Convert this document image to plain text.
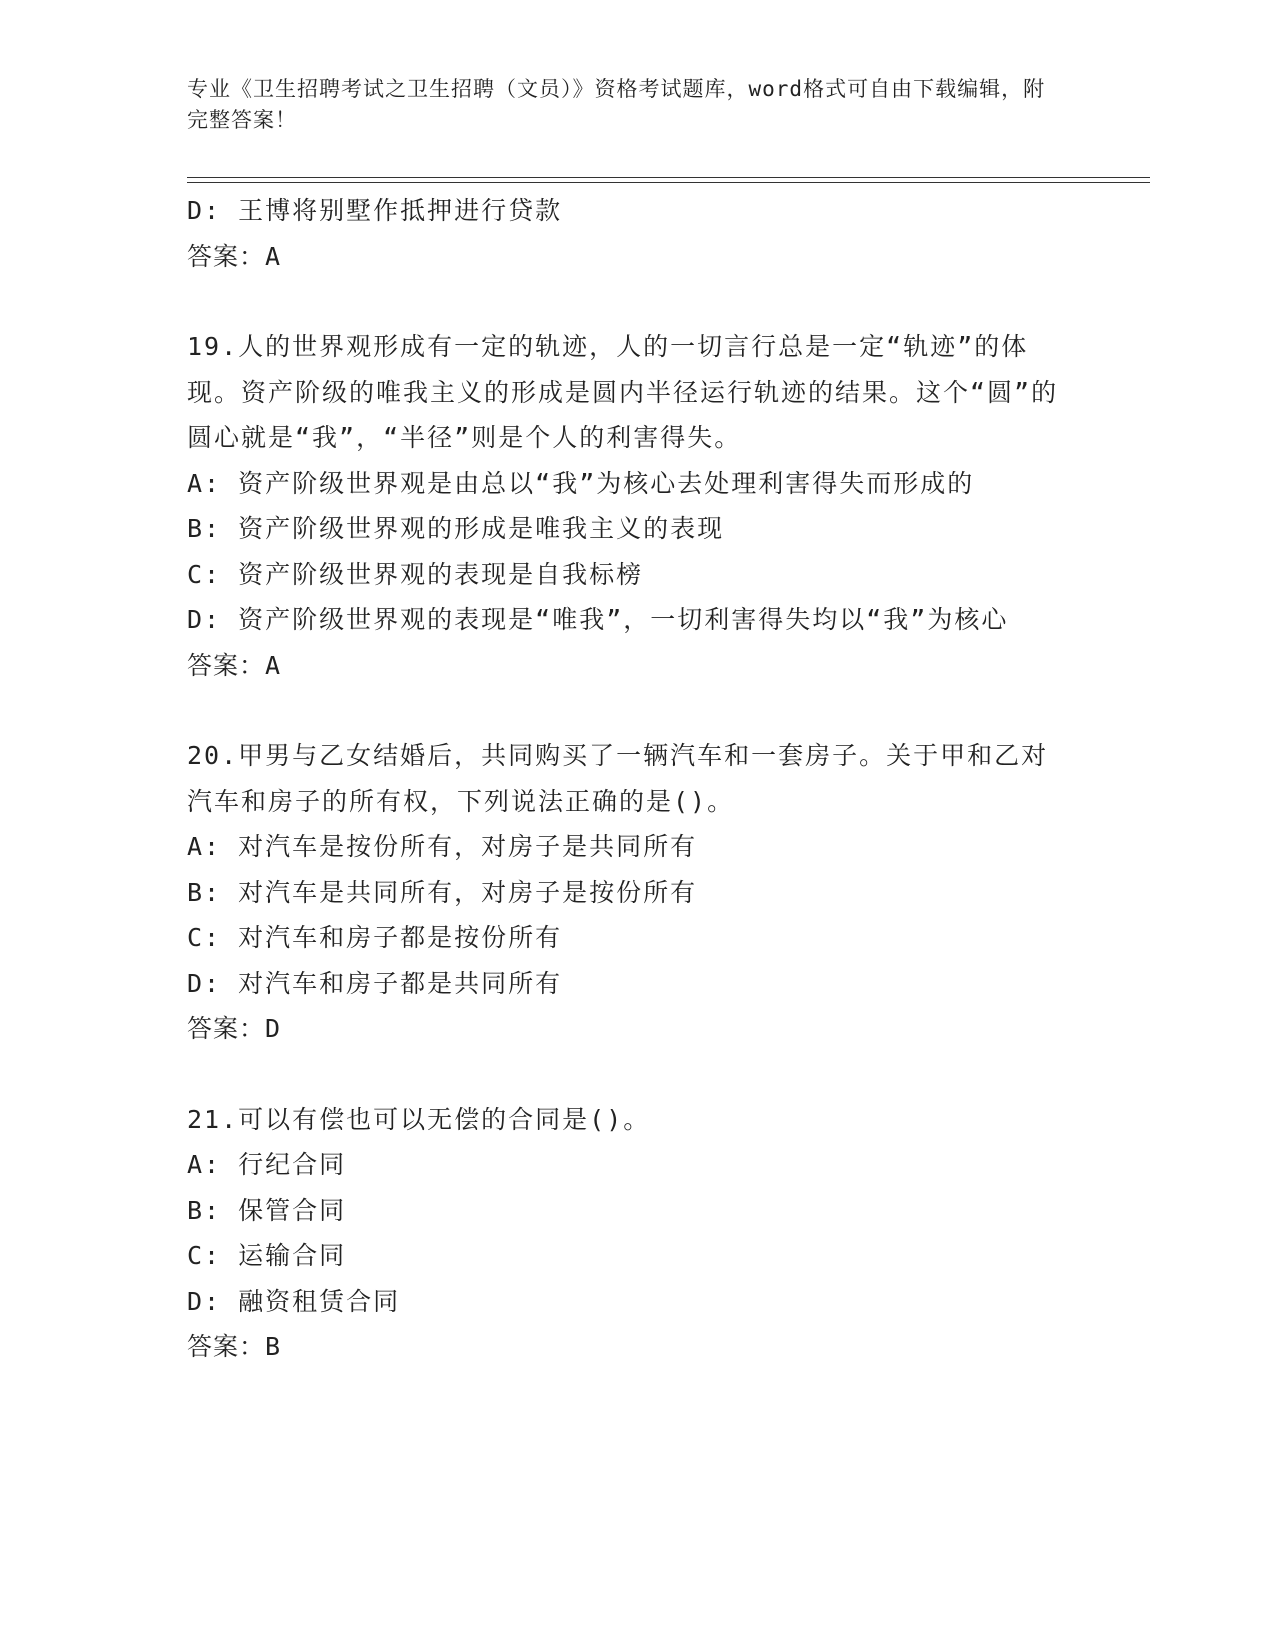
专业《卫生招聘考试之卫生招聘（文员）》资格考试题库，word格式可自由下载编辑，附完整答案！
D: 王博将别墅作抵押进行贷款
答案：A
19.人的世界观形成有一定的轨迹，人的一切言行总是一定“轨迹”的体现。资产阶级的唯我主义的形成是圆内半径运行轨迹的结果。这个“圆”的圆心就是“我”，“半径”则是个人的利害得失。
A: 资产阶级世界观是由总以“我”为核心去处理利害得失而形成的
B: 资产阶级世界观的形成是唯我主义的表现
C: 资产阶级世界观的表现是自我标榜
D: 资产阶级世界观的表现是“唯我”，一切利害得失均以“我”为核心
答案：A
20.甲男与乙女结婚后，共同购买了一辆汽车和一套房子。关于甲和乙对汽车和房子的所有权，下列说法正确的是()。
A: 对汽车是按份所有，对房子是共同所有
B: 对汽车是共同所有，对房子是按份所有
C: 对汽车和房子都是按份所有
D: 对汽车和房子都是共同所有
答案：D
21.可以有偿也可以无偿的合同是()。
A: 行纪合同
B: 保管合同
C: 运输合同
D: 融资租赁合同
答案：B
